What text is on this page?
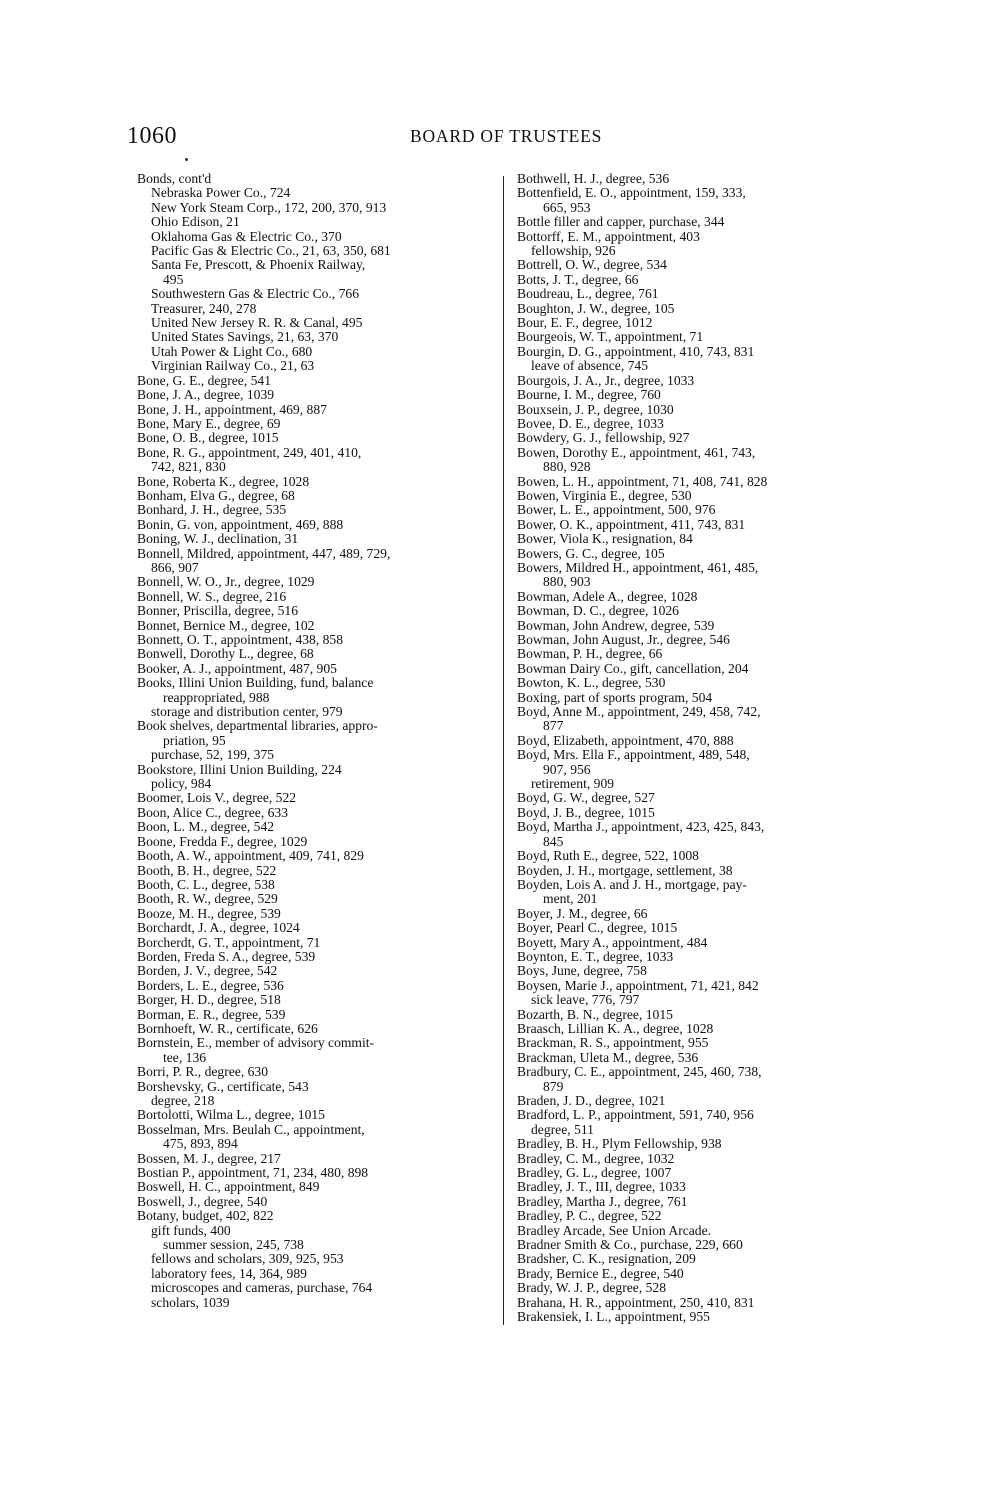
1060	BOARD OF TRUSTEES
Bonds, cont'd
Nebraska Power Co., 724
New York Steam Corp., 172, 200, 370, 913
Ohio Edison, 21
Oklahoma Gas & Electric Co., 370
Pacific Gas & Electric Co., 21, 63, 350, 681
Santa Fe, Prescott, & Phoenix Railway,
495
Southwestern Gas & Electric Co., 766
Treasurer, 240, 278
United New Jersey R. R. & Canal, 495
United States Savings, 21, 63, 370
Utah Power & Light Co., 680
Virginian Railway Co., 21, 63
Bone, G. E., degree, 541
Bone, J. A., degree, 1039
Bone, J. H., appointment, 469, 887
Bone, Mary E., degree, 69
Bone, O. B., degree, 1015
Bone, R. G., appointment, 249, 401, 410,
742, 821, 830
Bone, Roberta K., degree, 1028
Bonham, Elva G., degree, 68
Bonhard, J. H., degree, 535
Bonin, G. von, appointment, 469, 888
Boning, W. J., declination, 31
Bonnell, Mildred, appointment, 447, 489, 729,
866, 907
Bonnell, W. O., Jr., degree, 1029
Bonnell, W. S., degree, 216
Bonner, Priscilla, degree, 516
Bonnet, Bernice M., degree, 102
Bonnett, O. T., appointment, 438, 858
Bonwell, Dorothy L., degree, 68
Booker, A. J., appointment, 487, 905
Books, Illini Union Building, fund, balance
reappropriated, 988
storage and distribution center, 979
Book shelves, departmental libraries, appro-
priation, 95
purchase, 52, 199, 375
Bookstore, Illini Union Building, 224
policy, 984
Boomer, Lois V., degree, 522
Boon, Alice C., degree, 633
Boon, L. M., degree, 542
Boone, Fredda F., degree, 1029
Booth, A. W., appointment, 409, 741, 829
Booth, B. H., degree, 522
Booth, C. L., degree, 538
Booth, R. W., degree, 529
Booze, M. H., degree, 539
Borchardt, J. A., degree, 1024
Borcherdt, G. T., appointment, 71
Borden, Freda S. A., degree, 539
Borden, J. V., degree, 542
Borders, L. E., degree, 536
Borger, H. D., degree, 518
Borman, E. R., degree, 539
Bornhoeft, W. R., certificate, 626
Bornstein, E., member of advisory commit-
tee, 136
Borri, P. R., degree, 630
Borshevsky, G., certificate, 543
degree, 218
Bortolotti, Wilma L., degree, 1015
Bosselman, Mrs. Beulah C., appointment,
475, 893, 894
Bossen, M. J., degree, 217
Bostian P., appointment, 71, 234, 480, 898
Boswell, H. C., appointment, 849
Boswell, J., degree, 540
Botany, budget, 402, 822
gift funds, 400
summer session, 245, 738
fellows and scholars, 309, 925, 953
laboratory fees, 14, 364, 989
microscopes and cameras, purchase, 764
scholars, 1039
Bothwell, H. J., degree, 536
Bottenfield, E. O., appointment, 159, 333,
665, 953
Bottle filler and capper, purchase, 344
Bottorff, E. M., appointment, 403
fellowship, 926
Bottrell, O. W., degree, 534
Botts, J. T., degree, 66
Boudreau, L., degree, 761
Boughton, J. W., degree, 105
Bour, E. F., degree, 1012
Bourgeois, W. T., appointment, 71
Bourgin, D. G., appointment, 410, 743, 831
leave of absence, 745
Bourgois, J. A., Jr., degree, 1033
Bourne, I. M., degree, 760
Bouxsein, J. P., degree, 1030
Bovee, D. E., degree, 1033
Bowdery, G. J., fellowship, 927
Bowen, Dorothy E., appointment, 461, 743,
880, 928
Bowen, L. H., appointment, 71, 408, 741, 828
Bowen, Virginia E., degree, 530
Bower, L. E., appointment, 500, 976
Bower, O. K., appointment, 411, 743, 831
Bower, Viola K., resignation, 84
Bowers, G. C., degree, 105
Bowers, Mildred H., appointment, 461, 485,
880, 903
Bowman, Adele A., degree, 1028
Bowman, D. C., degree, 1026
Bowman, John Andrew, degree, 539
Bowman, John August, Jr., degree, 546
Bowman, P. H., degree, 66
Bowman Dairy Co., gift, cancellation, 204
Bowton, K. L., degree, 530
Boxing, part of sports program, 504
Boyd, Anne M., appointment, 249, 458, 742,
877
Boyd, Elizabeth, appointment, 470, 888
Boyd, Mrs. Ella F., appointment, 489, 548,
907, 956
retirement, 909
Boyd, G. W., degree, 527
Boyd, J. B., degree, 1015
Boyd, Martha J., appointment, 423, 425, 843,
845
Boyd, Ruth E., degree, 522, 1008
Boyden, J. H., mortgage, settlement, 38
Boyden, Lois A. and J. H., mortgage, pay-
ment, 201
Boyer, J. M., degree, 66
Boyer, Pearl C., degree, 1015
Boyett, Mary A., appointment, 484
Boynton, E. T., degree, 1033
Boys, June, degree, 758
Boysen, Marie J., appointment, 71, 421, 842
sick leave, 776, 797
Bozarth, B. N., degree, 1015
Braasch, Lillian K. A., degree, 1028
Brackman, R. S., appointment, 955
Brackman, Uleta M., degree, 536
Bradbury, C. E., appointment, 245, 460, 738,
879
Braden, J. D., degree, 1021
Bradford, L. P., appointment, 591, 740, 956
degree, 511
Bradley, B. H., Plym Fellowship, 938
Bradley, C. M., degree, 1032
Bradley, G. L., degree, 1007
Bradley, J. T., III, degree, 1033
Bradley, Martha J., degree, 761
Bradley, P. C., degree, 522
Bradley Arcade, See Union Arcade.
Bradner Smith & Co., purchase, 229, 660
Bradsher, C. K., resignation, 209
Brady, Bernice E., degree, 540
Brady, W. J. P., degree, 528
Brahana, H. R., appointment, 250, 410, 831
Brakensiek, I. L., appointment, 955
